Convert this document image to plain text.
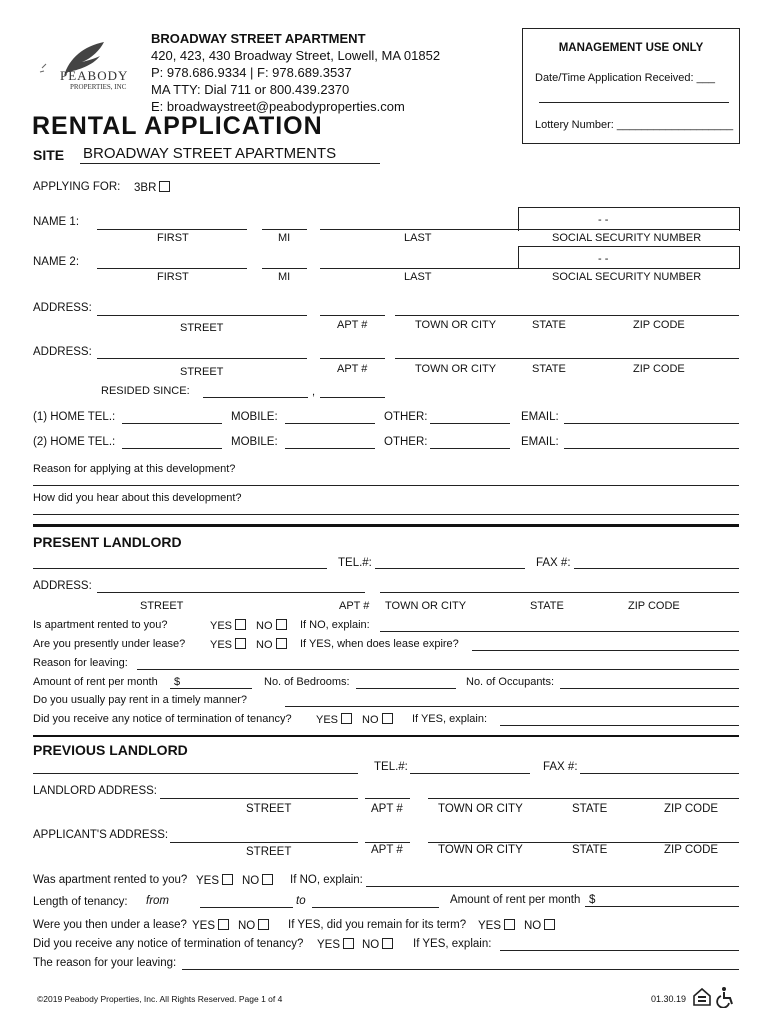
PEABODY
PROPERTIES, INC
BROADWAY STREET APARTMENT
420, 423, 430 Broadway Street, Lowell, MA 01852
P: 978.686.9334 | F: 978.689.3537
MA TTY: Dial 711 or 800.439.2370
E: broadwaystreet@peabodyproperties.com
MANAGEMENT USE ONLY
Date/Time Application Received: ___
Lottery Number: ___________________
RENTAL APPLICATION
SITE BROADWAY STREET APARTMENTS
APPLYING FOR: 3BR
NAME 1:	- -
FIRST	MI	LAST	SOCIAL SECURITY NUMBER
NAME 2:	- -
FIRST	MI	LAST	SOCIAL SECURITY NUMBER
ADDRESS:
STREET	APT #	TOWN OR CITY	STATE	ZIP CODE
ADDRESS:
STREET	APT #	TOWN OR CITY	STATE	ZIP CODE
RESIDED SINCE:	,
(1) HOME TEL.:	MOBILE:	OTHER:	EMAIL:
(2) HOME TEL.:	MOBILE:	OTHER:	EMAIL:
Reason for applying at this development?
How did you hear about this development?
PRESENT LANDLORD
TEL.#:	FAX #:
ADDRESS:
STREET	APT # TOWN OR CITY	STATE	ZIP CODE
Is apartment rented to you?	YES	NO	If NO, explain:
Are you presently under lease? YES	NO	If YES, when does lease expire?
Reason for leaving:
Amount of rent per month $	No. of Bedrooms:	No. of Occupants:
Do you usually pay rent in a timely manner?
Did you receive any notice of termination of tenancy? YES	NO	If YES, explain:
PREVIOUS LANDLORD
TEL.#:	FAX #:
LANDLORD ADDRESS:
STREET	APT #	TOWN OR CITY	STATE	ZIP CODE
APPLICANT'S ADDRESS:
STREET	APT #	TOWN OR CITY	STATE	ZIP CODE
Was apartment rented to you? YES	NO	If NO, explain:
Length of tenancy: from	to	Amount of rent per month $
Were you then under a lease? YES	NO	If YES, did you remain for its term? YES	NO
Did you receive any notice of termination of tenancy? YES	NO	If YES, explain:
The reason for your leaving:
©2019 Peabody Properties, Inc. All Rights Reserved. Page 1 of 4	01.30.19
